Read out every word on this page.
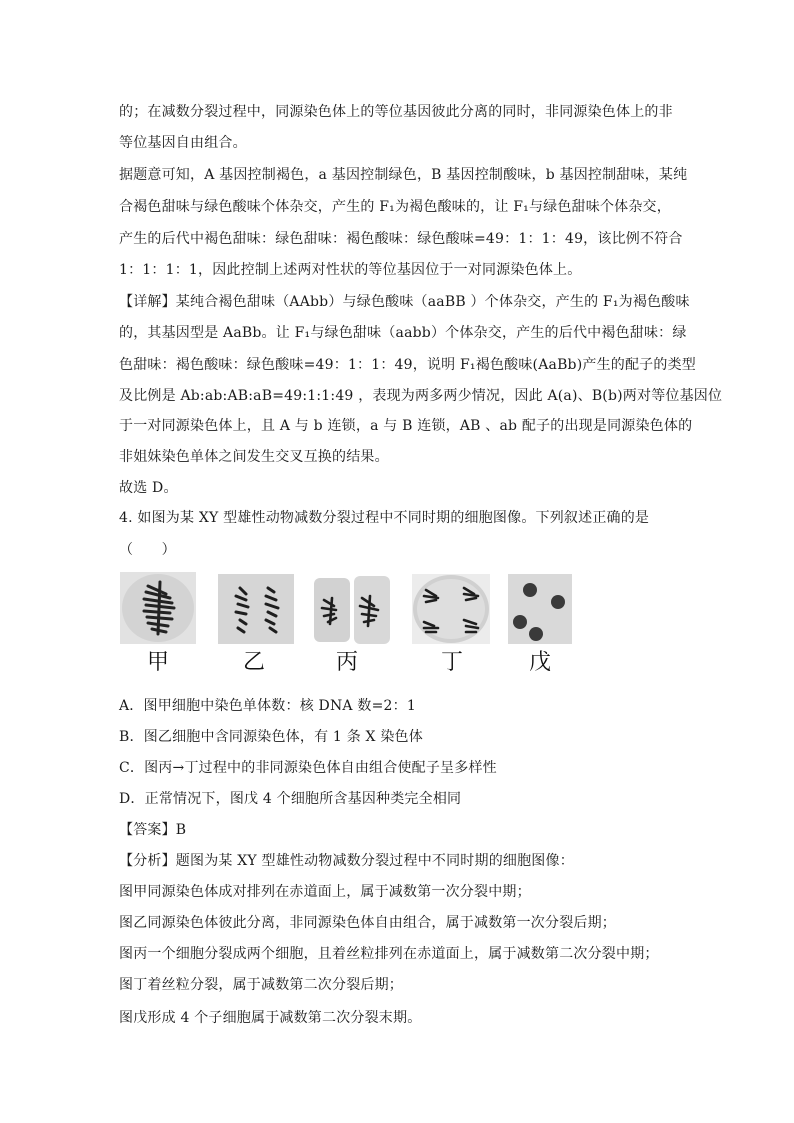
的；在减数分裂过程中，同源染色体上的等位基因彼此分离的同时，非同源染色体上的非
等位基因自由组合。
据题意可知，A 基因控制褐色，a 基因控制绿色，B 基因控制酸味，b 基因控制甜味，某纯
合褐色甜味与绿色酸味个体杂交，产生的 F₁为褐色酸味的，让 F₁与绿色甜味个体杂交，
产生的后代中褐色甜味：绿色甜味：褐色酸味：绿色酸味=49：1：1：49，该比例不符合
1：1：1：1，因此控制上述两对性状的等位基因位于一对同源染色体上。
【详解】某纯合褐色甜味（AAbb）与绿色酸味（aaBB ）个体杂交，产生的 F₁为褐色酸味
的，其基因型是 AaBb。让 F₁与绿色甜味（aabb）个体杂交，产生的后代中褐色甜味：绿
色甜味：褐色酸味：绿色酸味=49：1：1：49，说明 F₁褐色酸味(AaBb)产生的配子的类型
及比例是 Ab:ab:AB:aB=49:1:1:49 ，表现为两多两少情况，因此 A(a)、B(b)两对等位基因位
于一对同源染色体上，且 A 与 b 连锁，a 与 B 连锁，AB 、ab 配子的出现是同源染色体的
非姐妹染色单体之间发生交叉互换的结果。
故选 D。
4. 如图为某 XY 型雄性动物减数分裂过程中不同时期的细胞图像。下列叙述正确的是
（　　）
甲	乙	丙	丁	戊
A．图甲细胞中染色单体数：核 DNA 数=2：1
B．图乙细胞中含同源染色体，有 1 条 X 染色体
C．图丙→丁过程中的非同源染色体自由组合使配子呈多样性
D．正常情况下，图戊 4 个细胞所含基因种类完全相同
【答案】B
【分析】题图为某 XY 型雄性动物减数分裂过程中不同时期的细胞图像：
图甲同源染色体成对排列在赤道面上，属于减数第一次分裂中期；
图乙同源染色体彼此分离，非同源染色体自由组合，属于减数第一次分裂后期；
图丙一个细胞分裂成两个细胞，且着丝粒排列在赤道面上，属于减数第二次分裂中期；
图丁着丝粒分裂，属于减数第二次分裂后期；
图戊形成 4 个子细胞属于减数第二次分裂末期。
